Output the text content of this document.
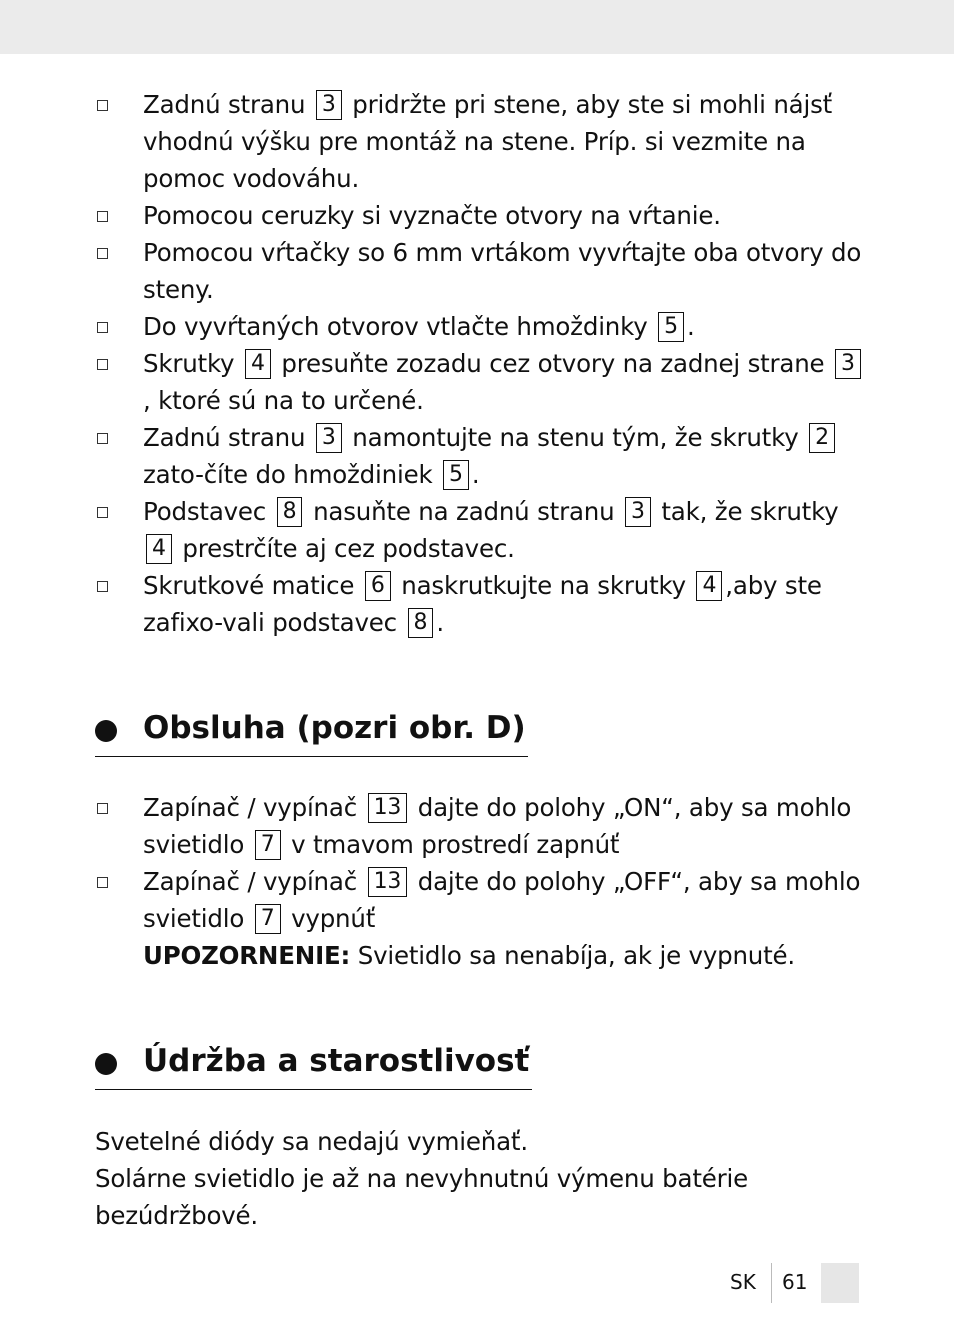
Zadnú stranu 3 pridržte pri stene, aby ste si mohli nájsť vhodnú výšku pre montáž na stene. Príp. si vezmite na pomoc vodováhu.
Pomocou ceruzky si vyznačte otvory na vŕtanie.
Pomocou vŕtačky so 6 mm vrtákom vyvŕtajte oba otvory do steny.
Do vyvŕtaných otvorov vtlačte hmoždinky 5 .
Skrutky 4 presuňte zozadu cez otvory na zadnej strane 3, ktoré sú na to určené.
Zadnú stranu 3 namontujte na stenu tým, že skrutky 2 zato-číte do hmoždiniek 5 .
Podstavec 8 nasuňte na zadnú stranu 3 tak, že skrutky 4 prestrčíte aj cez podstavec.
Skrutkové matice 6 naskrutkujte na skrutky 4 ,aby ste zafixo-vali podstavec 8 .
Obsluha (pozri obr. D)
Zapínač / vypínač 13 dajte do polohy „ON“, aby sa mohlo svietidlo 7 v tmavom prostredí zapnúť
Zapínač / vypínač 13 dajte do polohy „OFF“, aby sa mohlo svietidlo 7 vypnúť
UPOZORNENIE: Svietidlo sa nenabíja, ak je vypnuté.
Údržba a starostlivosť
Svetelné diódy sa nedajú vymieňať.
Solárne svietidlo je až na nevyhnutnú výmenu batérie bezúdržbové.
SK 61
